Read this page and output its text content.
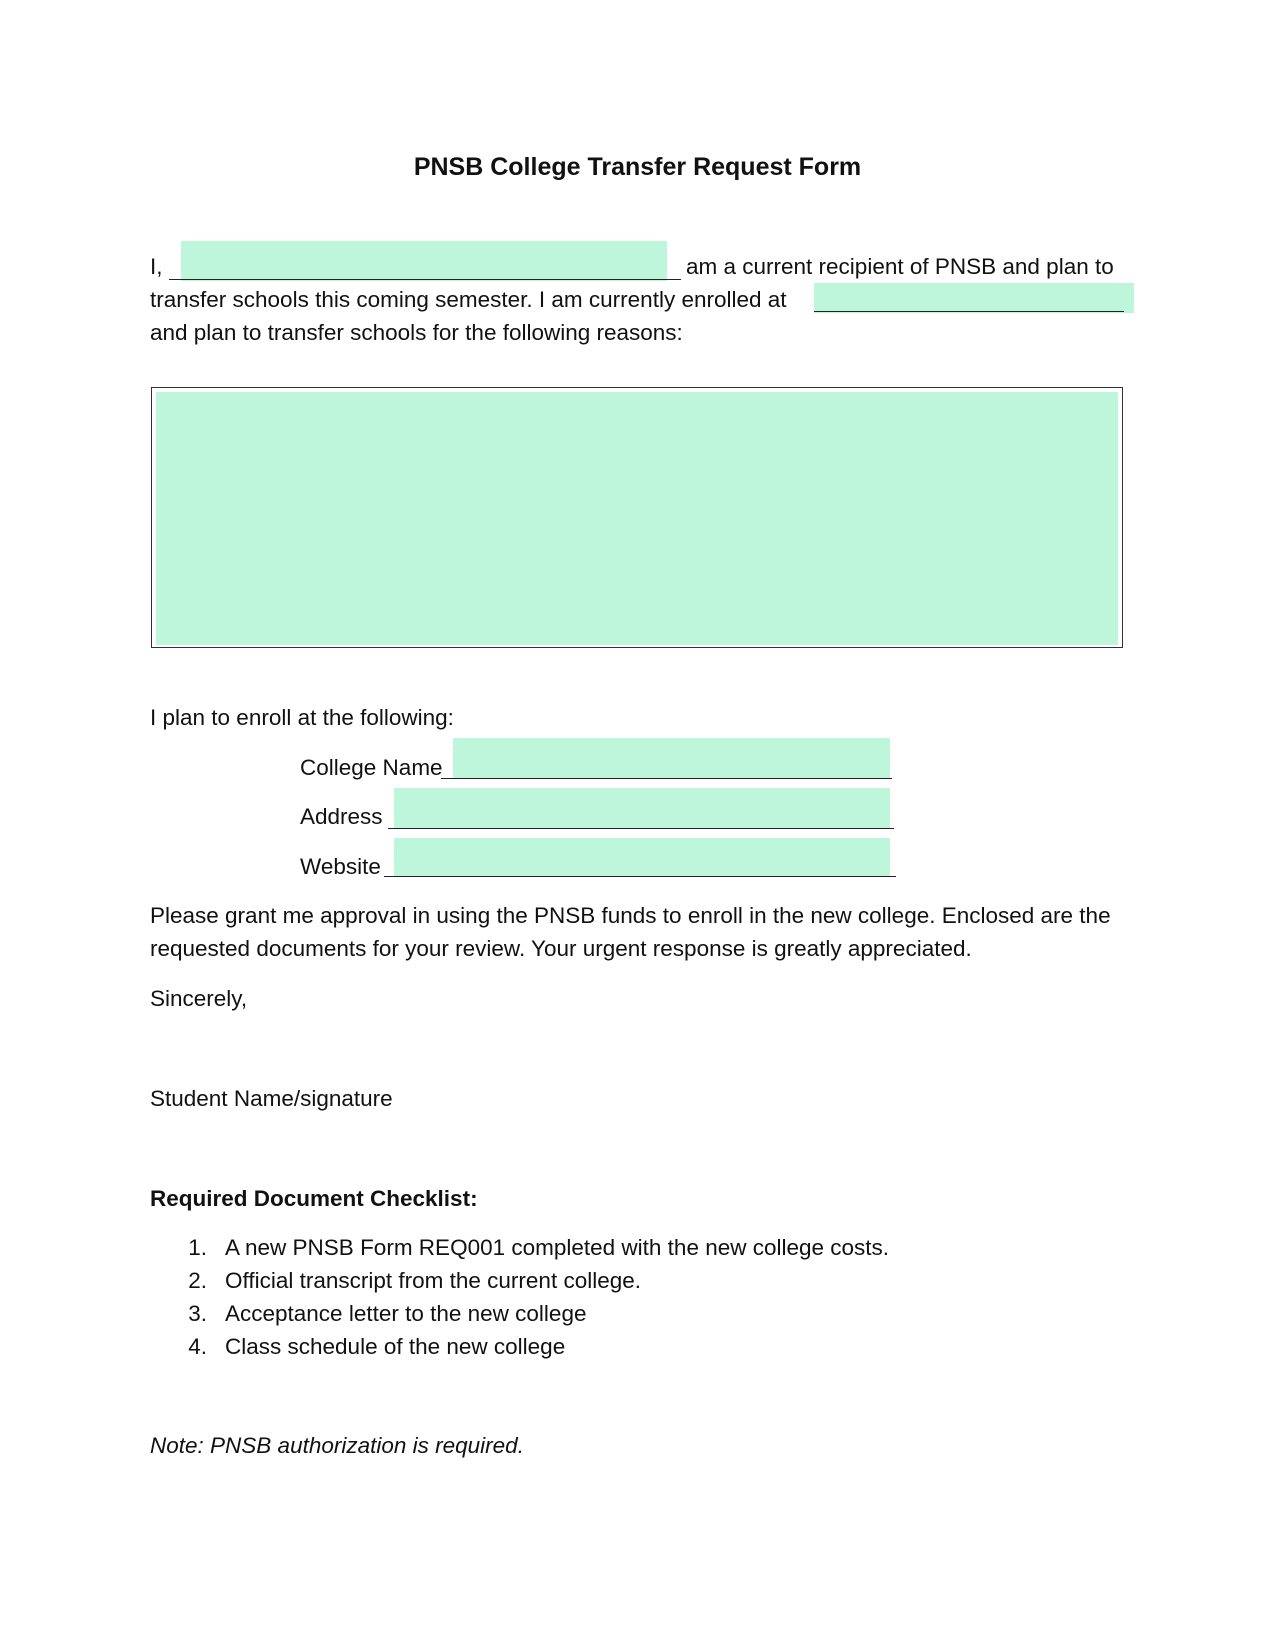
PNSB College Transfer Request Form
I,	am a current recipient of PNSB and plan to
transfer schools this coming semester. I am currently enrolled at
and plan to transfer schools for the following reasons:
I plan to enroll at the following:
College Name
Address
Website
Please grant me approval in using the PNSB funds to enroll in the new college. Enclosed are the
requested documents for your review. Your urgent response is greatly appreciated.
Sincerely,
Student Name/signature
Required Document Checklist:
1. A new PNSB Form REQ001 completed with the new college costs.
2. Official transcript from the current college.
3. Acceptance letter to the new college
4. Class schedule of the new college
Note: PNSB authorization is required.
